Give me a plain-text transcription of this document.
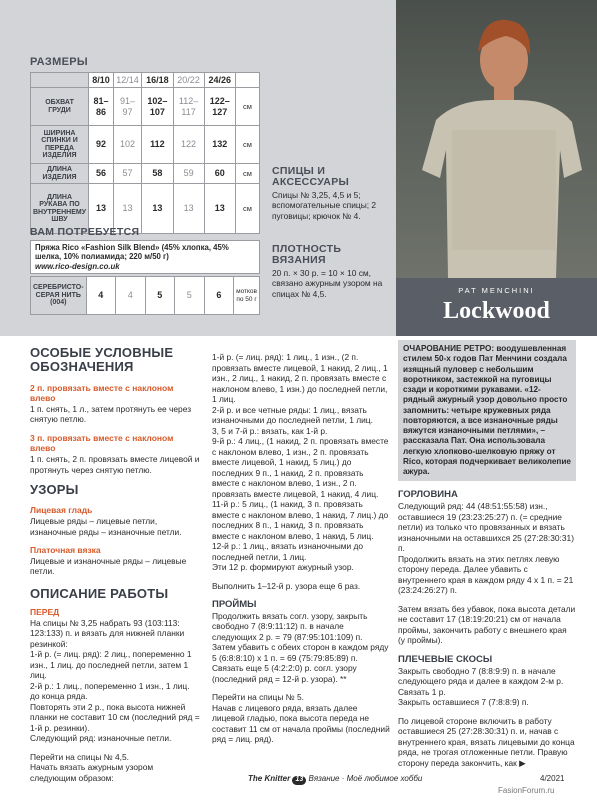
РАЗМЕРЫ
	8/10	12/14	16/18	20/22	24/26	
ОБХВАТ ГРУДИ	81–86	91–97	102–107	112–117	122–127	см
ШИРИНА СПИНКИ И ПЕРЕДА ИЗДЕЛИЯ	92	102	112	122	132	см
ДЛИНА ИЗДЕЛИЯ	56	57	58	59	60	см
ДЛИНА РУКАВА ПО ВНУТРЕННЕМУ ШВУ	13	13	13	13	13	см
ВАМ ПОТРЕБУЕТСЯ
Пряжа Rico «Fashion Silk Blend» (45% хлопка, 45% шелка, 10% полиамида; 220 м/50 г)
www.rico-design.co.uk
СЕРЕБРИСТО-СЕРАЯ НИТЬ (004)	4	4	5	5	6	мотков по 50 г
СПИЦЫ И АКСЕССУАРЫ
Спицы № 3,25, 4,5 и 5; вспомогательные спицы; 2 пуговицы; крючок № 4.
ПЛОТНОСТЬ ВЯЗАНИЯ
20 п. × 30 р. = 10 × 10 см, связано ажурным узором на спицах № 4,5.	PAT MENCHINI
Lockwood
ОСОБЫЕ УСЛОВНЫЕ ОБОЗНАЧЕНИЯ
2 п. провязать вместе с наклоном влево

1 п. снять, 1 л., затем протянуть ее через снятую петлю.

3 п. провязать вместе с наклоном влево

1 п. снять, 2 п. провязать вместе лицевой и протянуть через снятую петлю.

УЗОРЫ
Лицевая гладь

Лицевые ряды – лицевые петли, изнаночные ряды – изнаночные петли.

Платочная вязка

Лицевые и изнаночные ряды – лицевые петли.

ОПИСАНИЕ РАБОТЫ
ПЕРЕД

На спицы № 3,25 набрать 93 (103:113: 123:133) п. и вязать для нижней планки резинкой:

1-й р. (= лиц. ряд): 2 лиц., попеременно 1 изн., 1 лиц. до последней петли, затем 1 лиц.

2-й р.: 1 лиц., попеременно 1 изн., 1 лиц. до конца ряда.

Повторять эти 2 р., пока высота нижней планки не составит 10 см (последний ряд = 1-й р. резинки).

Следующий ряд: изнаночные петли.

Перейти на спицы № 4,5.

Начать вязать ажурным узором следующим образом:

1-й р. (= лиц. ряд): 1 лиц., 1 изн., (2 п. провязать вместе лицевой, 1 накид, 2 лиц., 1 изн., 2 лиц., 1 накид, 2 п. провязать вместе с наклоном влево, 1 изн.) до последней петли, 1 лиц.

2-й р. и все четные ряды: 1 лиц., вязать изнаночными до последней петли, 1 лиц.

3, 5 и 7-й р.: вязать, как 1-й р.

9-й р.: 4 лиц., (1 накид, 2 п. провязать вместе с наклоном влево, 1 изн., 2 п. провязать вместе лицевой, 1 накид, 5 лиц.) до последних 9 п., 1 накид, 2 п. провязать вместе с наклоном влево, 1 изн., 2 п. провязать вместе лицевой, 1 накид, 4 лиц.

11-й р.: 5 лиц., (1 накид, 3 п. провязать вместе с наклоном влево, 1 накид, 7 лиц.) до последних 8 п., 1 накид, 3 п. провязать вместе с наклоном влево, 1 накид, 5 лиц.

12-й р.: 1 лиц., вязать изнаночными до последней петли, 1 лиц.

Эти 12 р. формируют ажурный узор.

Выполнить 1–12-й р. узора еще 6 раз.

ПРОЙМЫ

Продолжить вязать согл. узору, закрыть свободно 7 (8:9:11:12) п. в начале следующих 2 р. = 79 (87:95:101:109) п.

Затем убавить с обеих сторон в каждом ряду 5 (6:8:8:10) х 1 п. = 69 (75:79:85:89) п. Связать еще 5 (4:2:2:0) р. согл. узору (последний ряд = 12-й р. узора). **

Перейти на спицы № 5.

Начав с лицевого ряда, вязать далее лицевой гладью, пока высота переда не составит 11 см от начала проймы (последний ряд = лиц. ряд).

ОЧАРОВАНИЕ РЕТРО: воодушевленная стилем 50-х годов Пат Менчини создала изящный пуловер с небольшим воротником, застежкой на пуговицы сзади и короткими рукавами. «12-рядный ажурный узор довольно просто запомнить: четыре кружевных ряда повторяются, а все изнаночные ряды вяжутся изнаночными петлями», – рассказала Пат. Она использовала легкую хлопково-шелковую пряжу от Rico, которая подчеркивает великолепие ажура.

ГОРЛОВИНА

Следующий ряд: 44 (48:51:55:58) изн., оставшиеся 19 (23:23:25:27) п. (= средние петли) из только что провязанных и вязать изнаночными на оставшихся 25 (27:28:30:31) п.

Продолжить вязать на этих петлях левую сторону переда. Далее убавить с внутреннего края в каждом ряду 4 х 1 п. = 21 (23:24:26:27) п.

Затем вязать без убавок, пока высота детали не составит 17 (18:19:20:21) см от начала проймы, закончить работу с внешнего края (у проймы).

ПЛЕЧЕВЫЕ СКОСЫ

Закрыть свободно 7 (8:8:9:9) п. в начале следующего ряда и далее в каждом 2-м р. Связать 1 р.

Закрыть оставшиеся 7 (7:8:8:9) п.

По лицевой стороне включить в работу оставшиеся 25 (27:28:30:31) п. и, начав с внутреннего края, вязать лицевыми до конца ряда, не трогая отложенные петли. Правую сторону переда закончить, как ▶

The Knitter 13 Вязание · Моё любимое хобби	4/2021
FasionForum.ru
